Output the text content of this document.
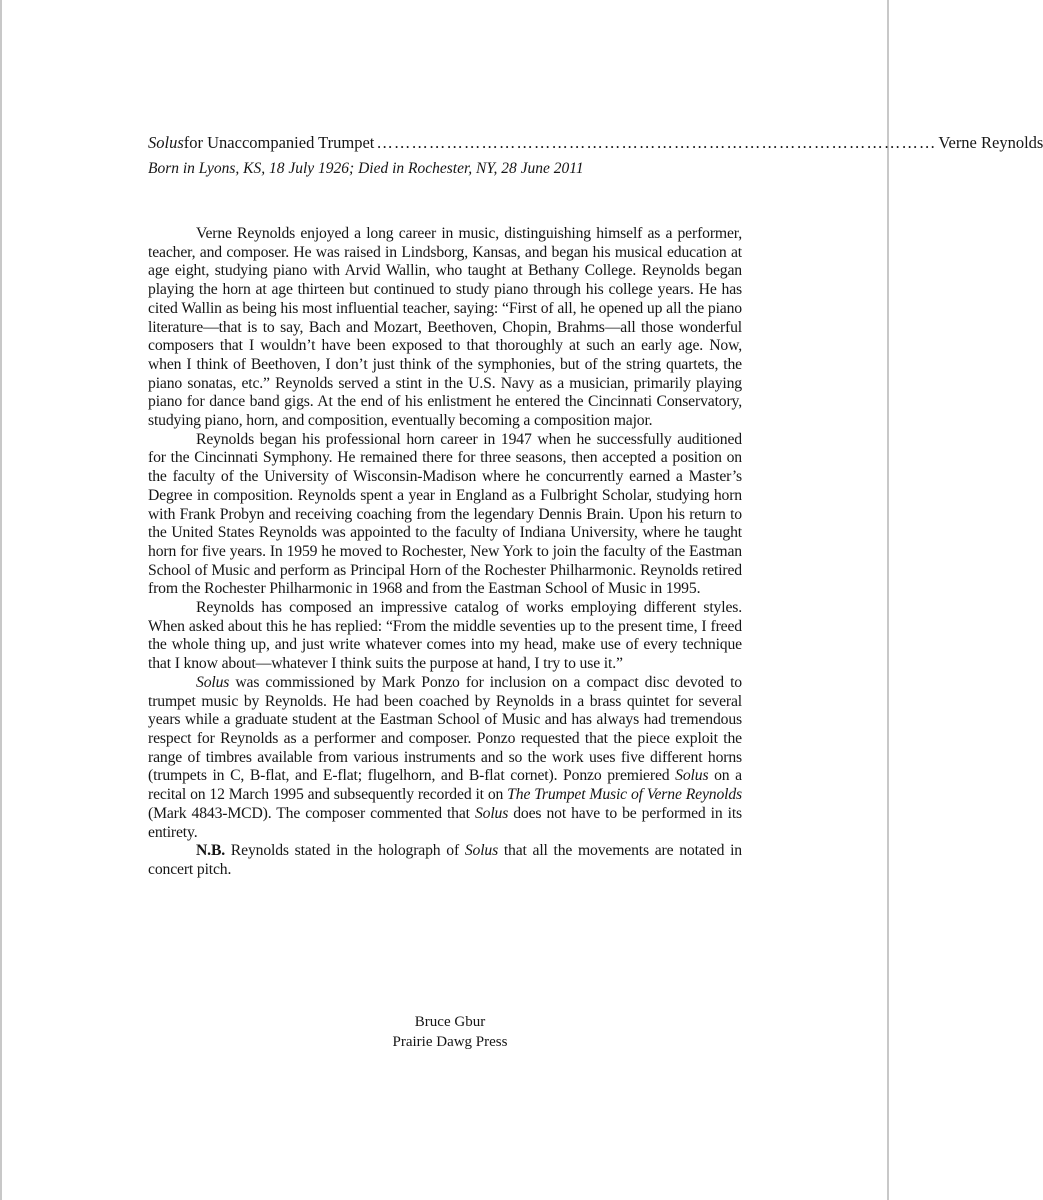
Solus for Unaccompanied Trumpet …………………………………………………………………………………… Verne Reynolds
Born in Lyons, KS, 18 July 1926; Died in Rochester, NY, 28 June 2011

Verne Reynolds enjoyed a long career in music, distinguishing himself as a performer, teacher, and composer. He was raised in Lindsborg, Kansas, and began his musical education at age eight, studying piano with Arvid Wallin, who taught at Bethany College. Reynolds began playing the horn at age thirteen but continued to study piano through his college years. He has cited Wallin as being his most influential teacher, saying: “First of all, he opened up all the piano literature—that is to say, Bach and Mozart, Beethoven, Chopin, Brahms—all those wonderful composers that I wouldn’t have been exposed to that thoroughly at such an early age. Now, when I think of Beethoven, I don’t just think of the symphonies, but of the string quartets, the piano sonatas, etc.” Reynolds served a stint in the U.S. Navy as a musician, primarily playing piano for dance band gigs. At the end of his enlistment he entered the Cincinnati Conservatory, studying piano, horn, and composition, eventually becoming a composition major.

Reynolds began his professional horn career in 1947 when he successfully auditioned for the Cincinnati Symphony. He remained there for three seasons, then accepted a position on the faculty of the University of Wisconsin-Madison where he concurrently earned a Master’s Degree in composition. Reynolds spent a year in England as a Fulbright Scholar, studying horn with Frank Probyn and receiving coaching from the legendary Dennis Brain. Upon his return to the United States Reynolds was appointed to the faculty of Indiana University, where he taught horn for five years. In 1959 he moved to Rochester, New York to join the faculty of the Eastman School of Music and perform as Principal Horn of the Rochester Philharmonic. Reynolds retired from the Rochester Philharmonic in 1968 and from the Eastman School of Music in 1995.

Reynolds has composed an impressive catalog of works employing different styles. When asked about this he has replied: “From the middle seventies up to the present time, I freed the whole thing up, and just write whatever comes into my head, make use of every technique that I know about—whatever I think suits the purpose at hand, I try to use it.”

Solus was commissioned by Mark Ponzo for inclusion on a compact disc devoted to trumpet music by Reynolds. He had been coached by Reynolds in a brass quintet for several years while a graduate student at the Eastman School of Music and has always had tremendous respect for Reynolds as a performer and composer. Ponzo requested that the piece exploit the range of timbres available from various instruments and so the work uses five different horns (trumpets in C, B-flat, and E-flat; flugelhorn, and B-flat cornet). Ponzo premiered Solus on a recital on 12 March 1995 and subsequently recorded it on The Trumpet Music of Verne Reynolds (Mark 4843-MCD). The composer commented that Solus does not have to be performed in its entirety.

N.B. Reynolds stated in the holograph of Solus that all the movements are notated in concert pitch.

Bruce Gbur
Prairie Dawg Press
